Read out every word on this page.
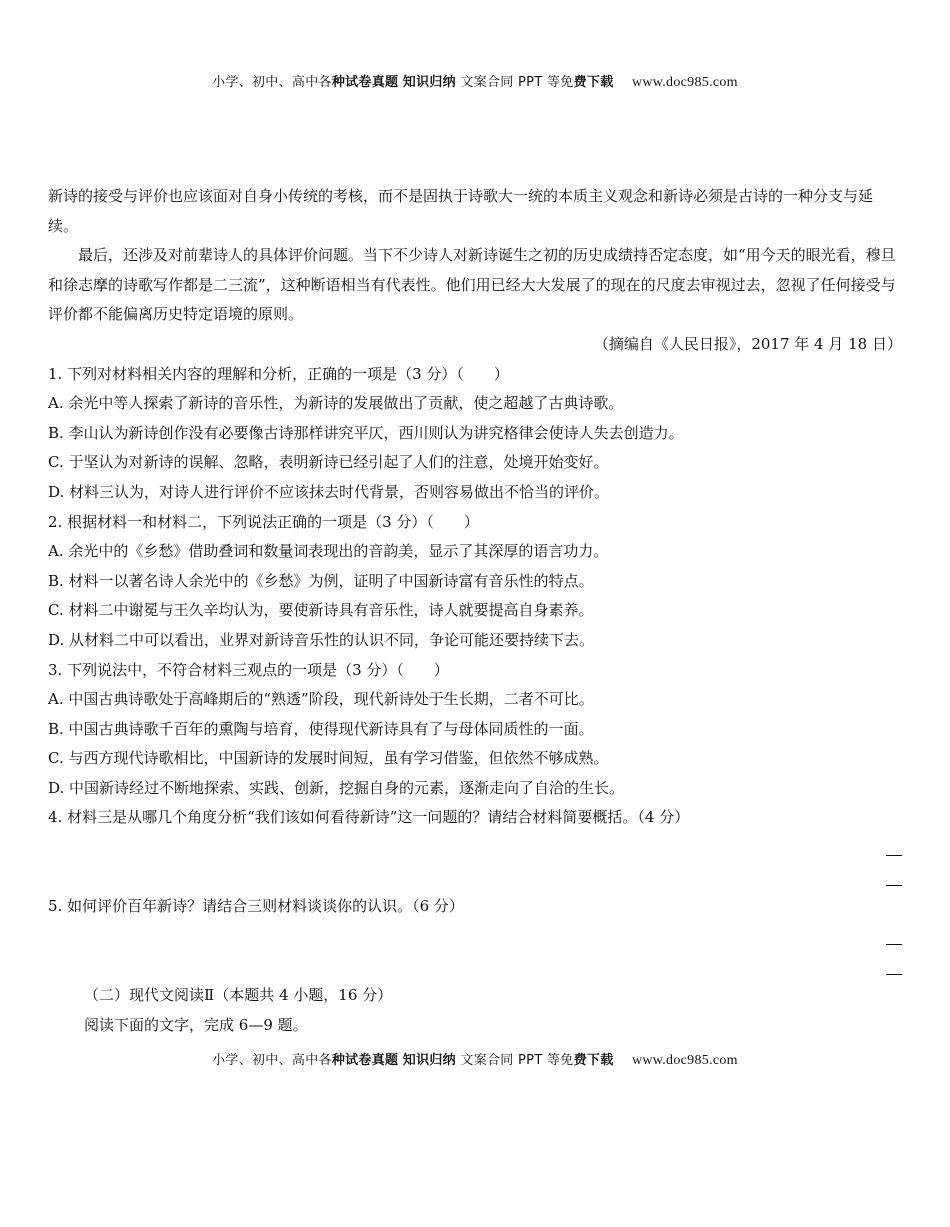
小学、初中、高中各种试卷真题 知识归纳 文案合同 PPT 等免费下载 www.doc985.com

新诗的接受与评价也应该面对自身小传统的考核，而不是固执于诗歌大一统的本质主义观念和新诗必须是古诗的一种分支与延续。

最后，还涉及对前辈诗人的具体评价问题。当下不少诗人对新诗诞生之初的历史成绩持否定态度，如“用今天的眼光看，穆旦和徐志摩的诗歌写作都是二三流”，这种断语相当有代表性。他们用已经大大发展了的现在的尺度去审视过去，忽视了任何接受与评价都不能偏离历史特定语境的原则。

（摘编自《人民日报》，2017 年 4 月 18 日）

1. 下列对材料相关内容的理解和分析，正确的一项是（3 分）（　　）

A. 余光中等人探索了新诗的音乐性，为新诗的发展做出了贡献，使之超越了古典诗歌。

B. 李山认为新诗创作没有必要像古诗那样讲究平仄，西川则认为讲究格律会使诗人失去创造力。

C. 于坚认为对新诗的误解、忽略，表明新诗已经引起了人们的注意，处境开始变好。

D. 材料三认为，对诗人进行评价不应该抹去时代背景，否则容易做出不恰当的评价。

2. 根据材料一和材料二，下列说法正确的一项是（3 分）（　　）

A. 余光中的《乡愁》借助叠词和数量词表现出的音韵美，显示了其深厚的语言功力。

B. 材料一以著名诗人余光中的《乡愁》为例，证明了中国新诗富有音乐性的特点。

C. 材料二中谢冕与王久辛均认为，要使新诗具有音乐性，诗人就要提高自身素养。

D. 从材料二中可以看出，业界对新诗音乐性的认识不同，争论可能还要持续下去。

3. 下列说法中，不符合材料三观点的一项是（3 分）（　　）

A. 中国古典诗歌处于高峰期后的“熟透”阶段，现代新诗处于生长期，二者不可比。

B. 中国古典诗歌千百年的熏陶与培育，使得现代新诗具有了与母体同质性的一面。

C. 与西方现代诗歌相比，中国新诗的发展时间短，虽有学习借鉴，但依然不够成熟。

D. 中国新诗经过不断地探索、实践、创新，挖掘自身的元素，逐渐走向了自洽的生长。

4. 材料三是从哪几个角度分析“我们该如何看待新诗”这一问题的？请结合材料简要概括。（4 分）

5. 如何评价百年新诗？请结合三则材料谈谈你的认识。（6 分）

（二）现代文阅读Ⅱ（本题共 4 小题，16 分）

阅读下面的文字，完成 6—9 题。

小学、初中、高中各种试卷真题 知识归纳 文案合同 PPT 等免费下载 www.doc985.com
